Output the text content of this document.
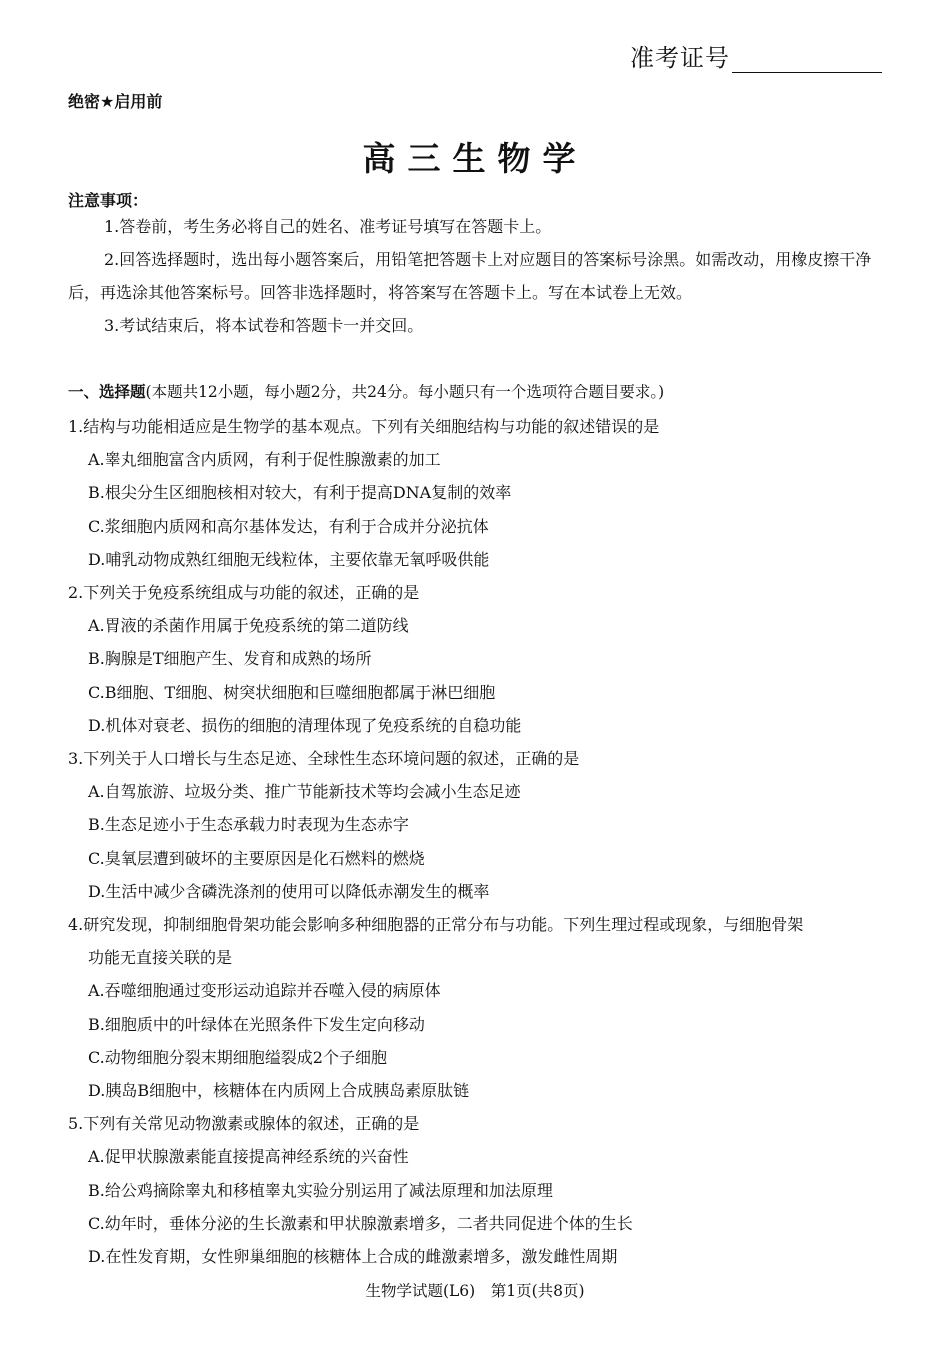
准考证号
绝密★启用前
高三生物学
注意事项：

1.答卷前，考生务必将自己的姓名、准考证号填写在答题卡上。

2.回答选择题时，选出每小题答案后，用铅笔把答题卡上对应题目的答案标号涂黑。如需改动，用橡皮擦干净后，再选涂其他答案标号。回答非选择题时，将答案写在答题卡上。写在本试卷上无效。

3.考试结束后，将本试卷和答题卡一并交回。

一、选择题(本题共12小题，每小题2分，共24分。每小题只有一个选项符合题目要求。)

1.结构与功能相适应是生物学的基本观点。下列有关细胞结构与功能的叙述错误的是

A.睾丸细胞富含内质网，有利于促性腺激素的加工

B.根尖分生区细胞核相对较大，有利于提高DNA复制的效率

C.浆细胞内质网和高尔基体发达，有利于合成并分泌抗体

D.哺乳动物成熟红细胞无线粒体，主要依靠无氧呼吸供能

2.下列关于免疫系统组成与功能的叙述，正确的是

A.胃液的杀菌作用属于免疫系统的第二道防线

B.胸腺是T细胞产生、发育和成熟的场所

C.B细胞、T细胞、树突状细胞和巨噬细胞都属于淋巴细胞

D.机体对衰老、损伤的细胞的清理体现了免疫系统的自稳功能

3.下列关于人口增长与生态足迹、全球性生态环境问题的叙述，正确的是

A.自驾旅游、垃圾分类、推广节能新技术等均会减小生态足迹

B.生态足迹小于生态承载力时表现为生态赤字

C.臭氧层遭到破坏的主要原因是化石燃料的燃烧

D.生活中减少含磷洗涤剂的使用可以降低赤潮发生的概率

4.研究发现，抑制细胞骨架功能会影响多种细胞器的正常分布与功能。下列生理过程或现象，与细胞骨架

功能无直接关联的是

A.吞噬细胞通过变形运动追踪并吞噬入侵的病原体

B.细胞质中的叶绿体在光照条件下发生定向移动

C.动物细胞分裂末期细胞缢裂成2个子细胞

D.胰岛B细胞中，核糖体在内质网上合成胰岛素原肽链

5.下列有关常见动物激素或腺体的叙述，正确的是

A.促甲状腺激素能直接提高神经系统的兴奋性

B.给公鸡摘除睾丸和移植睾丸实验分别运用了减法原理和加法原理

C.幼年时，垂体分泌的生长激素和甲状腺激素增多，二者共同促进个体的生长

D.在性发育期，女性卵巢细胞的核糖体上合成的雌激素增多，激发雌性周期

生物学试题(L6)　第1页(共8页)
